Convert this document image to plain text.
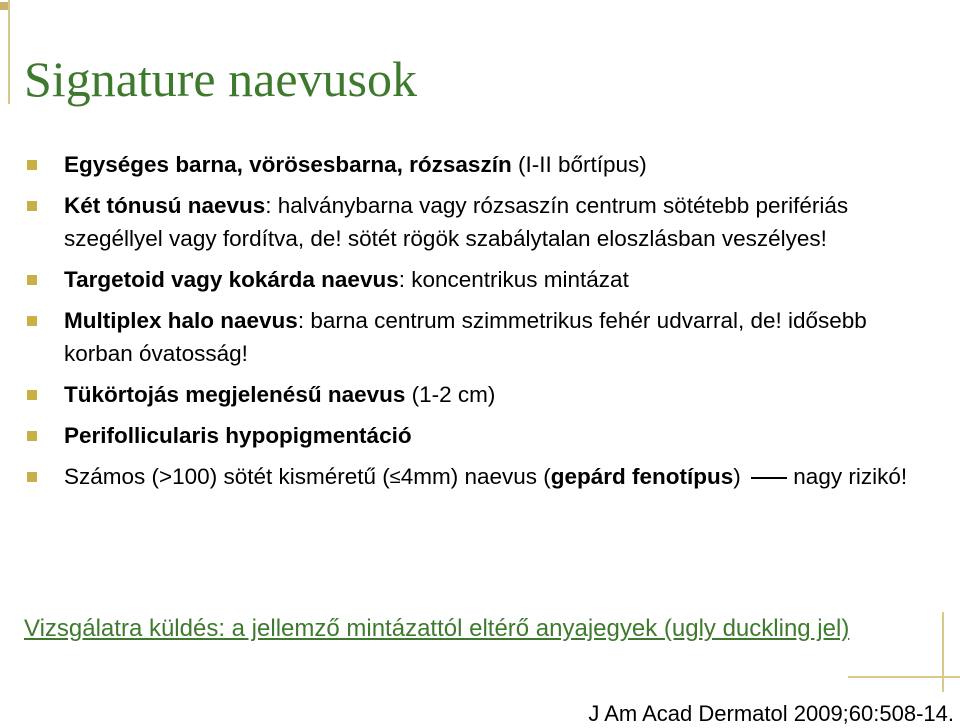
Signature naevusok
Egységes barna, vörösesbarna, rózsaszín (I-II bőrtípus)
Két tónusú naevus: halványbarna vagy rózsaszín centrum sötétebb perifériás szegéllyel vagy fordítva, de! sötét rögök szabálytalan eloszlásban veszélyes!
Targetoid vagy kokárda naevus: koncentrikus mintázat
Multiplex halo naevus: barna centrum szimmetrikus fehér udvarral, de! idősebb korban óvatosság!
Tükörtojás megjelenésű naevus (1-2 cm)
Perifollicularis hypopigmentáció
Számos (>100) sötét kisméretű (≤4mm) naevus (gepárd fenotípus)  nagy rizikó!

Vizsgálatra küldés: a jellemző mintázattól eltérő anyajegyek (ugly duckling jel)

J Am Acad Dermatol 2009;60:508-14.
